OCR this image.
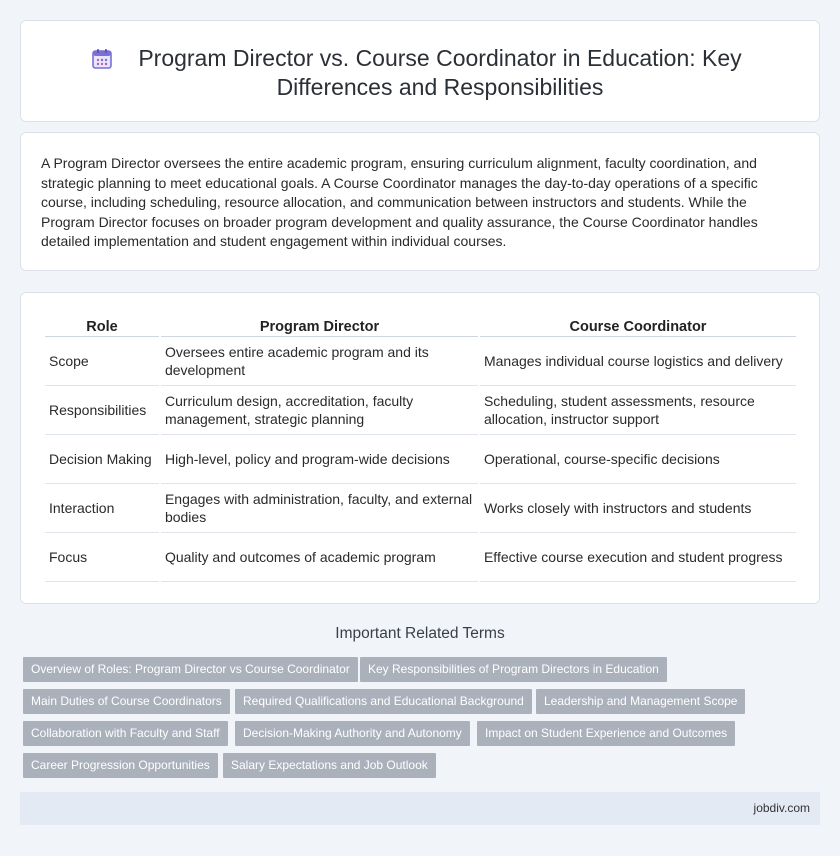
Program Director vs. Course Coordinator in Education: Key Differences and Responsibilities

A Program Director oversees the entire academic program, ensuring curriculum alignment, faculty coordination, and strategic planning to meet educational goals. A Course Coordinator manages the day-to-day operations of a specific course, including scheduling, resource allocation, and communication between instructors and students. While the Program Director focuses on broader program development and quality assurance, the Course Coordinator handles detailed implementation and student engagement within individual courses.

Role	Program Director	Course Coordinator
Scope	Oversees entire academic program and its development	Manages individual course logistics and delivery
Responsibilities	Curriculum design, accreditation, faculty management, strategic planning	Scheduling, student assessments, resource allocation, instructor support
Decision Making	High-level, policy and program-wide decisions	Operational, course-specific decisions
Interaction	Engages with administration, faculty, and external bodies	Works closely with instructors and students
Focus	Quality and outcomes of academic program	Effective course execution and student progress
Important Related Terms
Overview of Roles: Program Director vs Course Coordinator	Key Responsibilities of Program Directors in Education
Main Duties of Course Coordinators	Required Qualifications and Educational Background	Leadership and Management Scope
Collaboration with Faculty and Staff	Decision-Making Authority and Autonomy	Impact on Student Experience and Outcomes
Career Progression Opportunities	Salary Expectations and Job Outlook
jobdiv.com
